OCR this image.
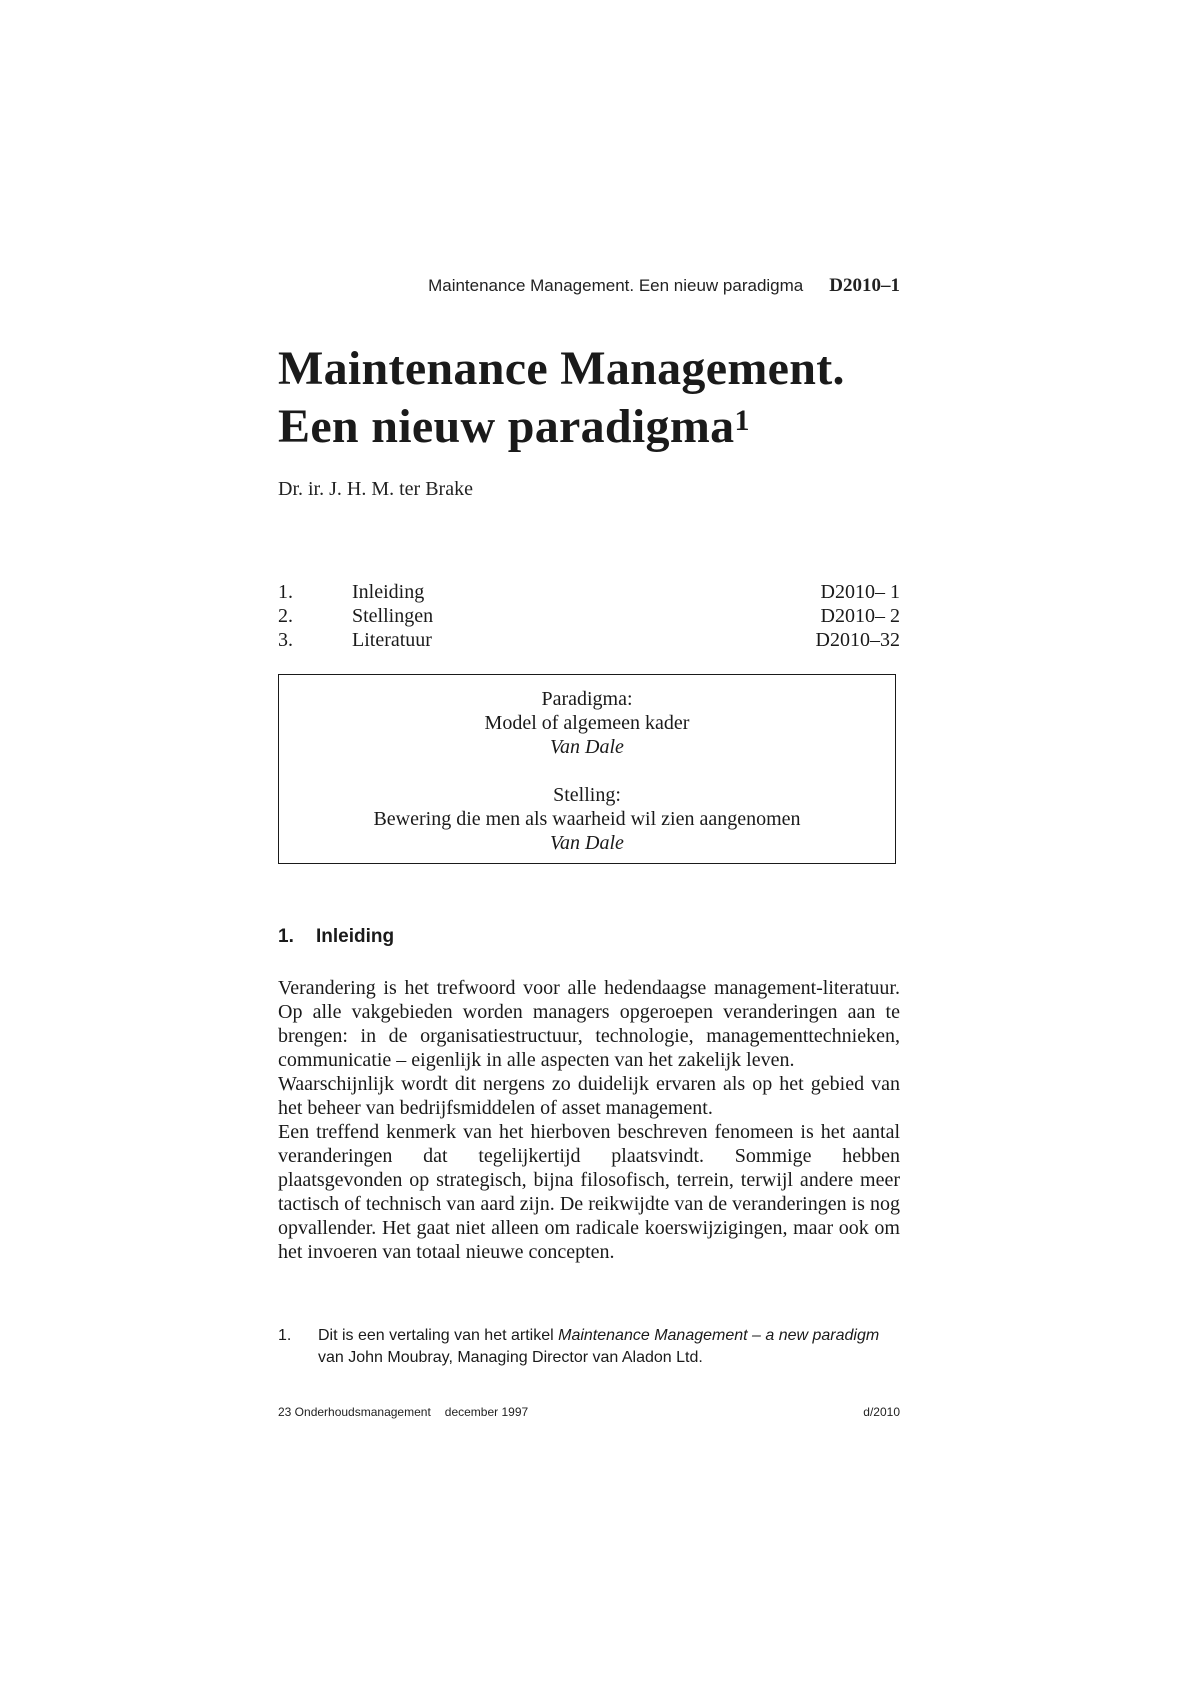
Maintenance Management. Een nieuw paradigma D2010–1
Maintenance Management.
Een nieuw paradigma$^1$
Dr. ir. J. H. M. ter Brake
1.	Inleiding	D2010– 1
2.	Stellingen	D2010– 2
3.	Literatuur	D2010–32
Paradigma:
Model of algemeen kader
Van Dale
Stelling:
Bewering die men als waarheid wil zien aangenomen
Van Dale
1. Inleiding

Verandering is het trefwoord voor alle hedendaagse management-literatuur. Op alle vakgebieden worden managers opgeroepen veranderingen aan te brengen: in de organisatiestructuur, technologie, managementtechnieken, communicatie – eigenlijk in alle aspecten van het zakelijk leven.

Waarschijnlijk wordt dit nergens zo duidelijk ervaren als op het gebied van het beheer van bedrijfsmiddelen of asset management.

Een treffend kenmerk van het hierboven beschreven fenomeen is het aantal veranderingen dat tegelijkertijd plaatsvindt. Sommige hebben plaatsgevonden op strategisch, bijna filosofisch, terrein, terwijl andere meer tactisch of technisch van aard zijn. De reikwijdte van de veranderingen is nog opvallender. Het gaat niet alleen om radicale koerswijzigingen, maar ook om het invoeren van totaal nieuwe concepten.

1.	Dit is een vertaling van het artikel Maintenance Management – a new paradigm van John Moubray, Managing Director van Aladon Ltd.
23 Onderhoudsmanagement december 1997	d/2010
